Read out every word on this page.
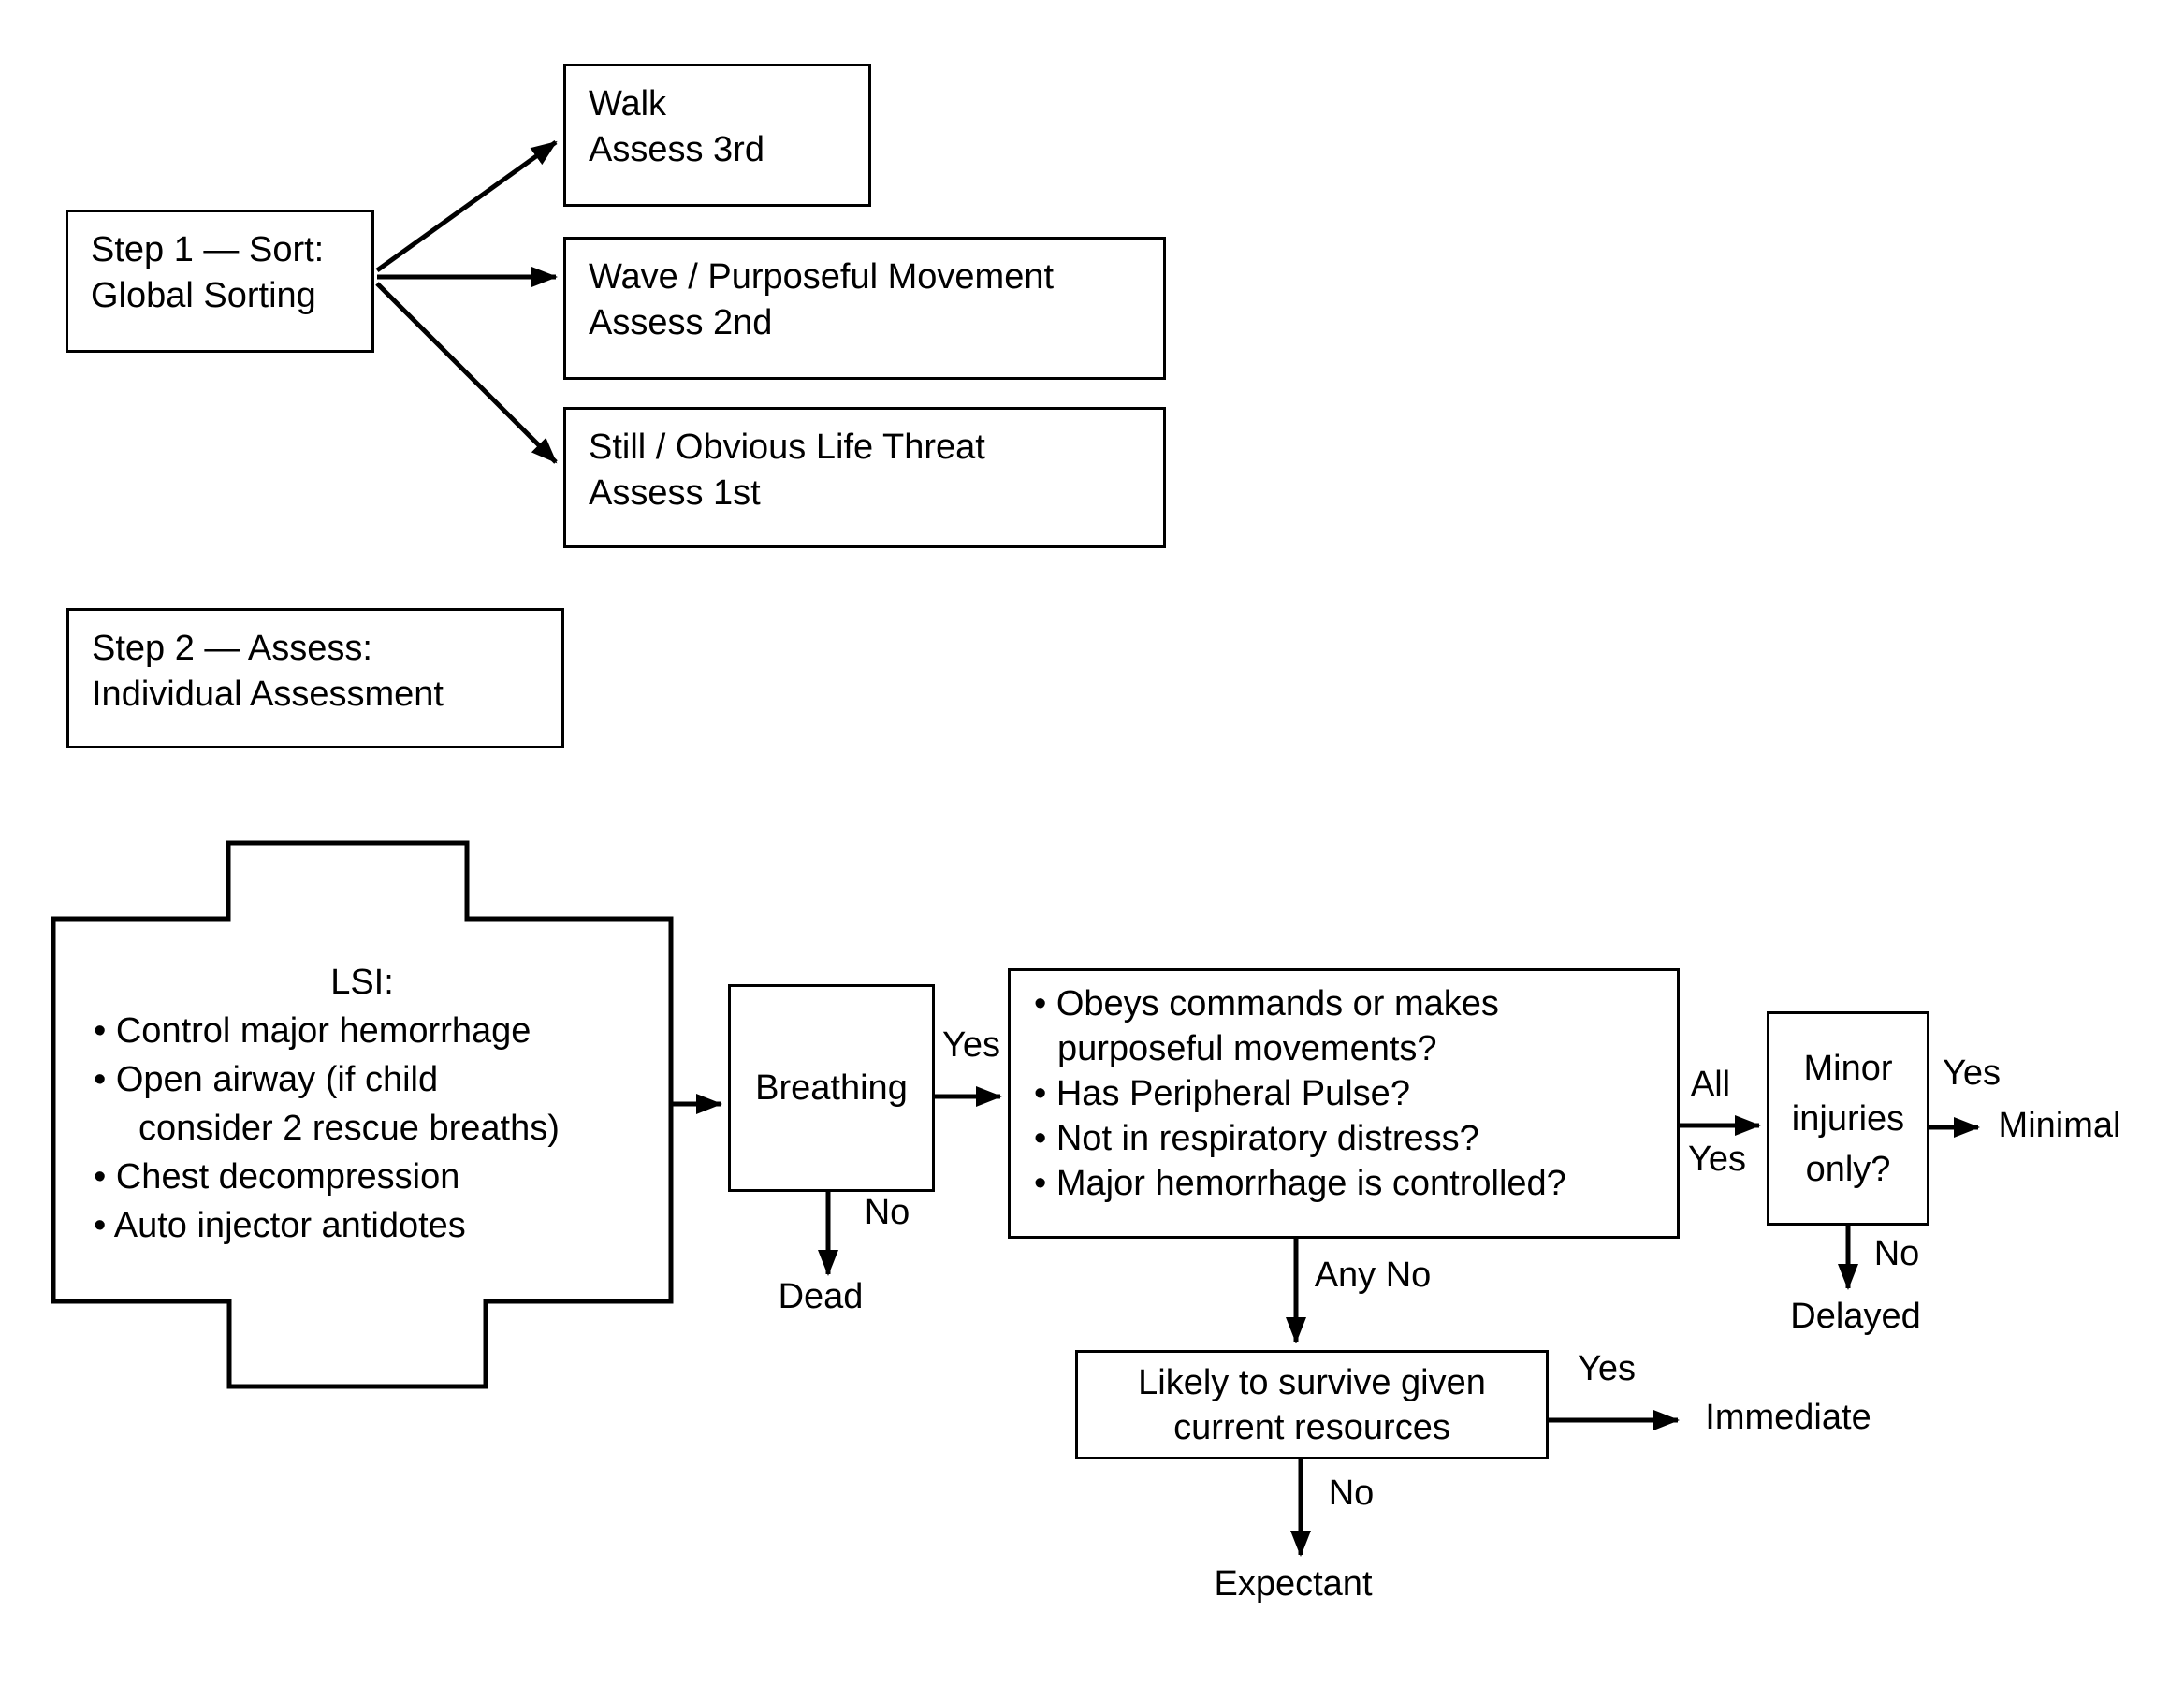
Step 1 — Sort:
Global Sorting
Walk
Assess 3rd
Wave / Purposeful Movement
Assess 2nd
Still / Obvious Life Threat
Assess 1st
Step 2 — Assess:
Individual Assessment
LSI:
• Control major hemorrhage
• Open airway (if child
consider 2 rescue breaths)
• Chest decompression
• Auto injector antidotes
Breathing
• Obeys commands or makes
purposeful movements?
• Has Peripheral Pulse?
• Not in respiratory distress?
• Major hemorrhage is controlled?
Minor
injuries
only?
Likely to survive given
current resources
Yes
No
Dead
All
Yes
Yes
Minimal
No
Delayed
Any No
Yes
Immediate
No
Expectant
